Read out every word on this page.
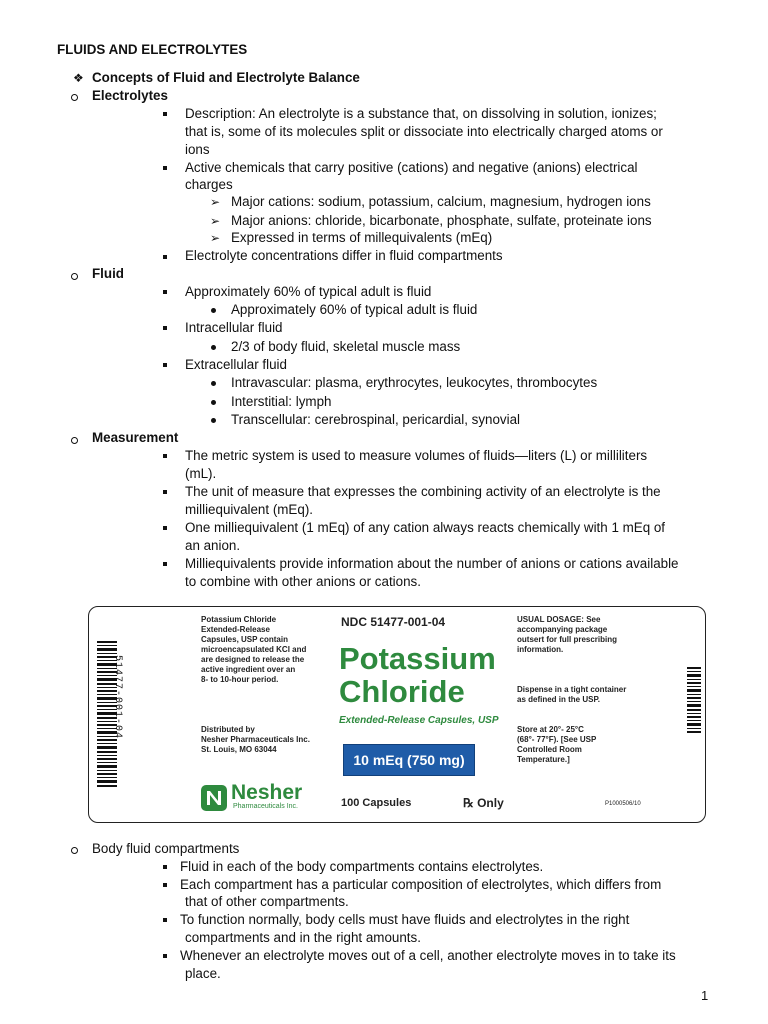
FLUIDS AND ELECTROLYTES
❖ Concepts of Fluid and Electrolyte Balance
Electrolytes
Description: An electrolyte is a substance that, on dissolving in solution, ionizes;
that is, some of its molecules split or dissociate into electrically charged atoms or
ions
Active chemicals that carry positive (cations) and negative (anions) electrical
charges
➢ Major cations: sodium, potassium, calcium, magnesium, hydrogen ions
➢ Major anions: chloride, bicarbonate, phosphate, sulfate, proteinate ions
➢ Expressed in terms of millequivalents (mEq)
Electrolyte concentrations differ in fluid compartments
Fluid
Approximately 60% of typical adult is fluid
Approximately 60% of typical adult is fluid
Intracellular fluid
2/3 of body fluid, skeletal muscle mass
Extracellular fluid
Intravascular: plasma, erythrocytes, leukocytes, thrombocytes
Interstitial: lymph
Transcellular: cerebrospinal, pericardial, synovial
Measurement
The metric system is used to measure volumes of fluids—liters (L) or milliliters
(mL).
The unit of measure that expresses the combining activity of an electrolyte is the
milliequivalent (mEq).
One milliequivalent (1 mEq) of any cation always reacts chemically with 1 mEq of
an anion.
Milliequivalents provide information about the number of anions or cations available
to combine with other anions or cations.
51477-001-04
Potassium Chloride
Extended-Release
Capsules, USP contain
microencapsulated KCl and
are designed to release the
active ingredient over an
8- to 10-hour period.
Distributed by
Nesher Pharmaceuticals Inc.
St. Louis, MO 63044
Nesher
Pharmaceuticals Inc.
NDC 51477-001-04
Potassium
Chloride
Extended-Release Capsules, USP
10 mEq (750 mg)
100 Capsules	℞ Only
USUAL DOSAGE: See
accompanying package
outsert for full prescribing
information.
Dispense in a tight container
as defined in the USP.
Store at 20°- 25°C
(68°- 77°F). [See USP
Controlled Room
Temperature.]
P1000506/10
Body fluid compartments
Fluid in each of the body compartments contains electrolytes.
Each compartment has a particular composition of electrolytes, which differs from
that of other compartments.
To function normally, body cells must have fluids and electrolytes in the right
compartments and in the right amounts.
Whenever an electrolyte moves out of a cell, another electrolyte moves in to take its
place.
1
